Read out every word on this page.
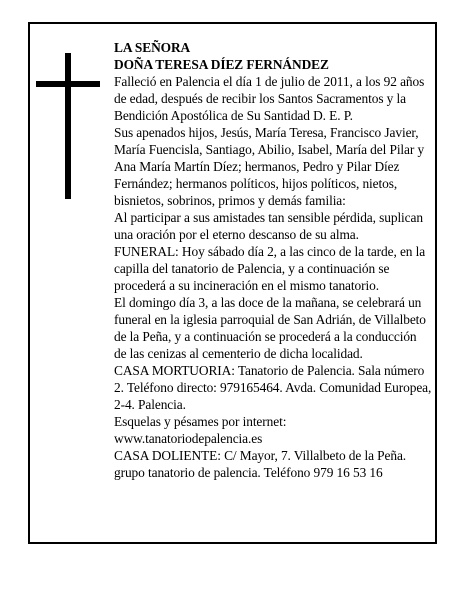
LA SEÑORA

DOÑA TERESA DÍEZ FERNÁNDEZ

Falleció en Palencia el día 1 de julio de 2011, a los 92 años de edad, después de recibir los Santos Sacramentos y la Bendición Apostólica de Su Santidad D. E. P.

Sus apenados hijos, Jesús, María Teresa, Francisco Javier, María Fuencisla, Santiago, Abilio, Isabel, María del Pilar y Ana María Martín Díez; hermanos, Pedro y Pilar Díez Fernández; hermanos políticos, hijos políticos, nietos, bisnietos, sobrinos, primos y demás familia:

Al participar a sus amistades tan sensible pérdida, suplican una oración por el eterno descanso de su alma.

FUNERAL: Hoy sábado día 2, a las cinco de la tarde, en la capilla del tanatorio de Palencia, y a continuación se procederá a su incineración en el mismo tanatorio.

El domingo día 3, a las doce de la mañana, se celebrará un funeral en la iglesia parroquial de San Adrián, de Villalbeto de la Peña, y a continuación se procederá a la conducción de las cenizas al cementerio de dicha localidad.

CASA MORTUORIA: Tanatorio de Palencia. Sala número 2. Teléfono directo: 979165464. Avda. Comunidad Europea, 2-4. Palencia.

Esquelas y pésames por internet: www.tanatoriodepalencia.es

CASA DOLIENTE: C/ Mayor, 7. Villalbeto de la Peña.

grupo tanatorio de palencia. Teléfono 979 16 53 16
